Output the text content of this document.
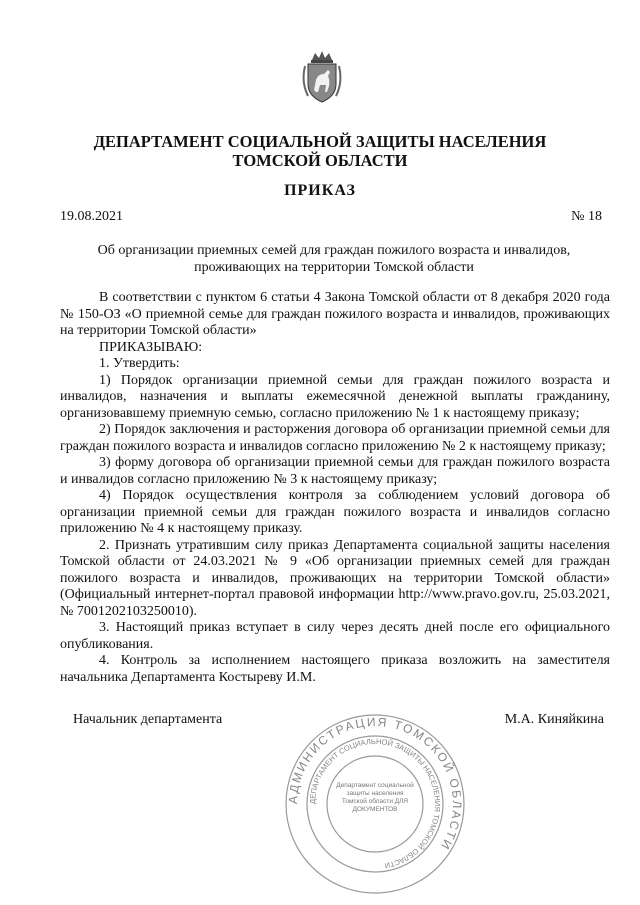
ДЕПАРТАМЕНТ СОЦИАЛЬНОЙ ЗАЩИТЫ НАСЕЛЕНИЯ
ТОМСКОЙ ОБЛАСТИ
ПРИКАЗ
19.08.2021	№ 18
Об организации приемных семей для граждан пожилого возраста и инвалидов,
проживающих на территории Томской области

В соответствии с пунктом 6 статьи 4 Закона Томской области от 8 декабря 2020 года № 150-ОЗ «О приемной семье для граждан пожилого возраста и инвалидов, проживающих на территории Томской области»

ПРИКАЗЫВАЮ:

1. Утвердить:

1) Порядок организации приемной семьи для граждан пожилого возраста и инвалидов, назначения и выплаты ежемесячной денежной выплаты гражданину, организовавшему приемную семью, согласно приложению № 1 к настоящему приказу;

2) Порядок заключения и расторжения договора об организации приемной семьи для граждан пожилого возраста и инвалидов согласно приложению № 2 к настоящему приказу;

3) форму договора об организации приемной семьи для граждан пожилого возраста и инвалидов согласно приложению № 3 к настоящему приказу;

4) Порядок осуществления контроля за соблюдением условий договора об организации приемной семьи для граждан пожилого возраста и инвалидов согласно приложению № 4 к настоящему приказу.

2. Признать утратившим силу приказ Департамента социальной защиты населения Томской области от 24.03.2021 № 9 «Об организации приемных семей для граждан пожилого возраста и инвалидов, проживающих на территории Томской области» (Официальный интернет-портал правовой информации http://www.pravo.gov.ru, 25.03.2021, № 7001202103250010).

3. Настоящий приказ вступает в силу через десять дней после его официального опубликования.

4. Контроль за исполнением настоящего приказа возложить на заместителя начальника Департамента Костыреву И.М.

Начальник департамента	М.А. Киняйкина
АДМИНИСТРАЦИЯ ТОМСКОЙ ОБЛАСТИ
ДЕПАРТАМЕНТ СОЦИАЛЬНОЙ ЗАЩИТЫ НАСЕЛЕНИЯ ТОМСКОЙ ОБЛАСТИ
Департамент социальной защиты населения Томской области ДЛЯ ДОКУМЕНТОВ
